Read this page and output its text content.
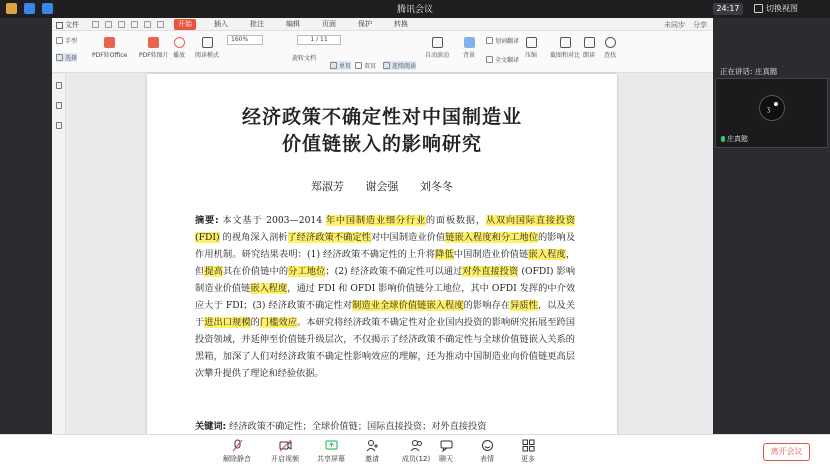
腾讯会议	24:17	切换视图
文件	开始	插入	批注	编辑	页面	保护	转换	未同步 分享
手型
选择 PDF转Office PDF转图片 播放 阅读模式
160%	1 / 11
旋转文档
单页 双页	连续阅读
自动滚动 背景
划词翻译
全文翻译
压缩 截图和对比 朗读 查找
经济政策不确定性对中国制造业
价值链嵌入的影响研究
郑淑芳 谢会强 刘冬冬
摘要: 本文基于 2003—2014 年中国制造业细分行业的面板数据，从双向国际直接投资 (FDI) 的视角深入剖析了经济政策不确定性对中国制造业价值链嵌入程度和分工地位的影响及作用机制。研究结果表明：(1) 经济政策不确定性的上升将降低中国制造业价值链嵌入程度，但提高其在价值链中的分工地位；(2) 经济政策不确定性可以通过对外直接投资 (OFDI) 影响制造业价值链嵌入程度，通过 FDI 和 OFDI 影响价值链分工地位，其中 OFDI 发挥的中介效应大于 FDI；(3) 经济政策不确定性对制造业全球价值链嵌入程度的影响存在异质性，以及关于进出口规模的门槛效应。本研究将经济政策不确定性对企业国内投资的影响研究拓展至跨国投资领域，并延伸至价值链升级层次，不仅揭示了经济政策不确定性与全球价值链嵌入关系的黑箱，加深了人们对经济政策不确定性影响效应的理解，还为推动中国制造业向价值链更高层次攀升提供了理论和经验依据。
关键词: 经济政策不确定性；全球价值链；国际直接投资；对外直接投资
正在讲话: 庄真懿
ʒ
庄真懿
解除静音	开启视频	共享屏幕	邀请	成员(12) 聊天	表情	更多
离开会议
